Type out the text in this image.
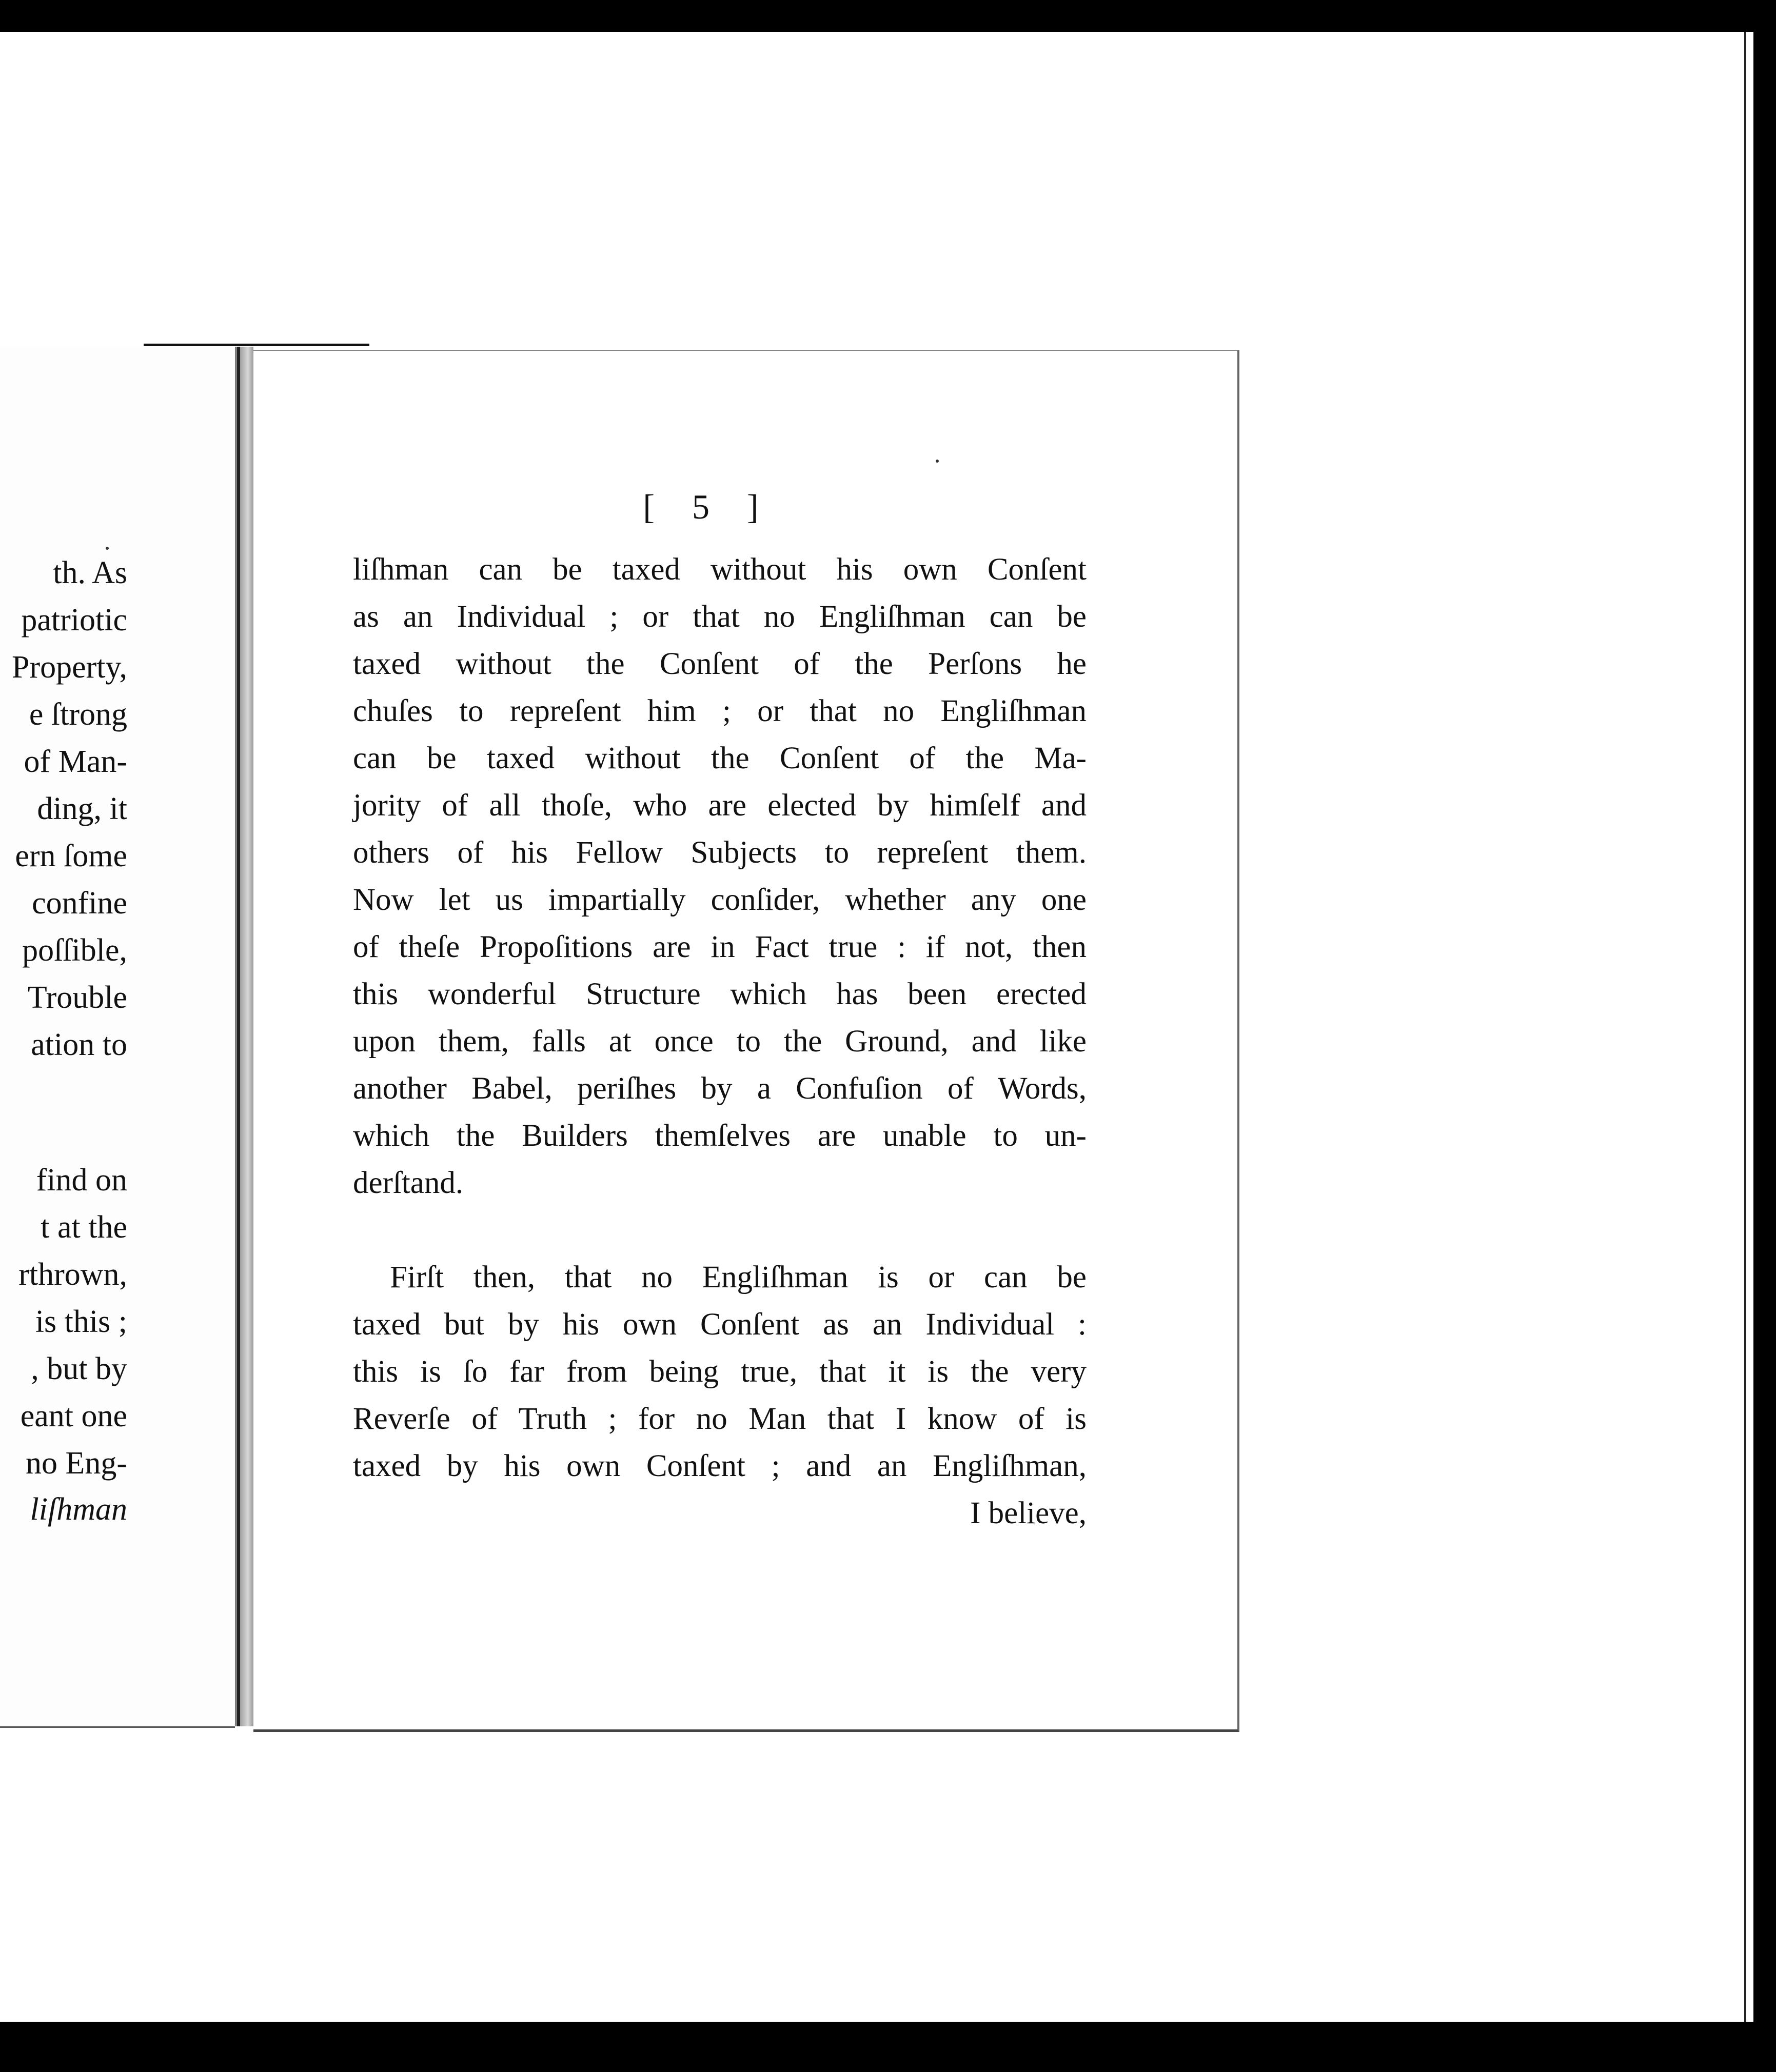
th. As
patriotic
Property,
e ſtrong
of Man-
ding, it
ern ſome
confine
poſſible,
Trouble
ation to
find on
t at the
rthrown,
is this ;
, but by
eant one
no Eng-
liſhman
[ 5 ]
liſhman can be taxed without his own Conſent
as an Individual ; or that no Engliſhman can be
taxed without the Conſent of the Perſons he
chuſes to repreſent him ; or that no Engliſhman
can be taxed without the Conſent of the Ma-
jority of all thoſe, who are elected by himſelf and
others of his Fellow Subjects to repreſent them.
Now let us impartially conſider, whether any one
of theſe Propoſitions are in Fact true : if not, then
this wonderful Structure which has been erected
upon them, falls at once to the Ground, and like
another Babel, periſhes by a Confuſion of Words,
which the Builders themſelves are unable to un-
derſtand.
Firſt then, that no Engliſhman is or can be
taxed but by his own Conſent as an Individual :
this is ſo far from being true, that it is the very
Reverſe of Truth ; for no Man that I know of is
taxed by his own Conſent ; and an Engliſhman,
I believe,
